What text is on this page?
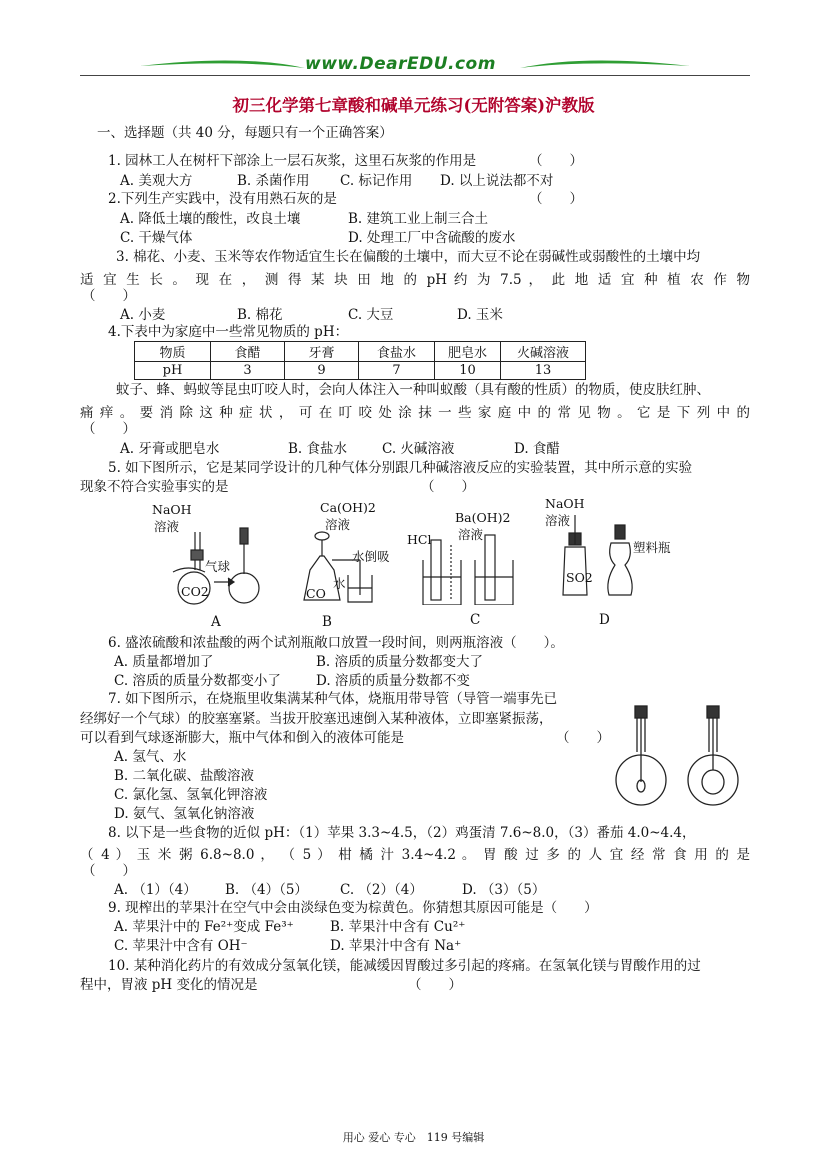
www.DearEDU.com
初三化学第七章酸和碱单元练习(无附答案)沪教版
一、选择题（共 40 分，每题只有一个正确答案）
1. 园林工人在树杆下部涂上一层石灰浆，这里石灰浆的作用是	（　　）
A. 美观大方	B. 杀菌作用 C. 标记作用 D. 以上说法都不对
2.下列生产实践中，没有用熟石灰的是	（　　）
A. 降低土壤的酸性，改良土壤	B. 建筑工业上制三合土
C. 干燥气体	D. 处理工厂中含硫酸的废水
3. 棉花、小麦、玉米等农作物适宜生长在偏酸的土壤中，而大豆不论在弱碱性或弱酸性的土壤中均
适 宜 生 长 。 现 在 ， 测 得 某 块 田 地 的 pH 约 为 7.5 ， 此 地 适 宜 种 植 农 作 物
（　　）
A. 小麦	B. 棉花	C. 大豆	D. 玉米
4.下表中为家庭中一些常见物质的 pH：
物质	食醋	牙膏	食盐水	肥皂水	火碱溶液
pH	3	9	7	10	13
蚊子、蜂、蚂蚁等昆虫叮咬人时，会向人体注入一种叫蚁酸（具有酸的性质）的物质，使皮肤红肿、
痛 痒 。 要 消 除 这 种 症 状 ， 可 在 叮 咬 处 涂 抹 一 些 家 庭 中 的 常 见 物 。 它 是 下 列 中 的
（　　）
A. 牙膏或肥皂水	B. 食盐水	C. 火碱溶液	D. 食醋
5. 如下图所示，它是某同学设计的几种气体分别跟几种碱溶液反应的实验装置，其中所示意的实验
现象不符合实验事实的是	（　　）
NaOH
溶液
气球
CO2
A
Ca(OH)2
溶液
水倒吸
水
CO
B
HCl
Ba(OH)2
溶液
C
NaOH
溶液
塑料瓶
SO2
D
6. 盛浓硫酸和浓盐酸的两个试剂瓶敞口放置一段时间，则两瓶溶液（　　）。
A. 质量都增加了	B. 溶质的质量分数都变大了
C. 溶质的质量分数都变小了	D. 溶质的质量分数都不变
7. 如下图所示，在烧瓶里收集满某种气体，烧瓶用带导管（导管一端事先已
经绑好一个气球）的胶塞塞紧。当拔开胶塞迅速倒入某种液体，立即塞紧振荡，
可以看到气球逐渐膨大，瓶中气体和倒入的液体可能是	（　　）
A. 氢气、水
B. 二氧化碳、盐酸溶液
C. 氯化氢、氢氧化钾溶液
D. 氨气、氢氧化钠溶液
8. 以下是一些食物的近似 pH：（1）苹果 3.3~4.5，（2）鸡蛋清 7.6~8.0，（3）番茄 4.0~4.4，
（ 4 ） 玉 米 粥 6.8~8.0 ， （ 5 ） 柑 橘 汁 3.4~4.2 。 胃 酸 过 多 的 人 宜 经 常 食 用 的 是
（　　）
A. （1）（4） B. （4）（5） C. （2）（4）	D. （3）（5）
9. 现榨出的苹果汁在空气中会由淡绿色变为棕黄色。你猜想其原因可能是（　　）
A. 苹果汁中的 Fe²⁺变成 Fe³⁺	B. 苹果汁中含有 Cu²⁺
C. 苹果汁中含有 OH⁻	D. 苹果汁中含有 Na⁺
10. 某种消化药片的有效成分氢氧化镁，能减缓因胃酸过多引起的疼痛。在氢氧化镁与胃酸作用的过
程中，胃液 pH 变化的情况是	（　　）
用心 爱心 专心　119 号编辑
